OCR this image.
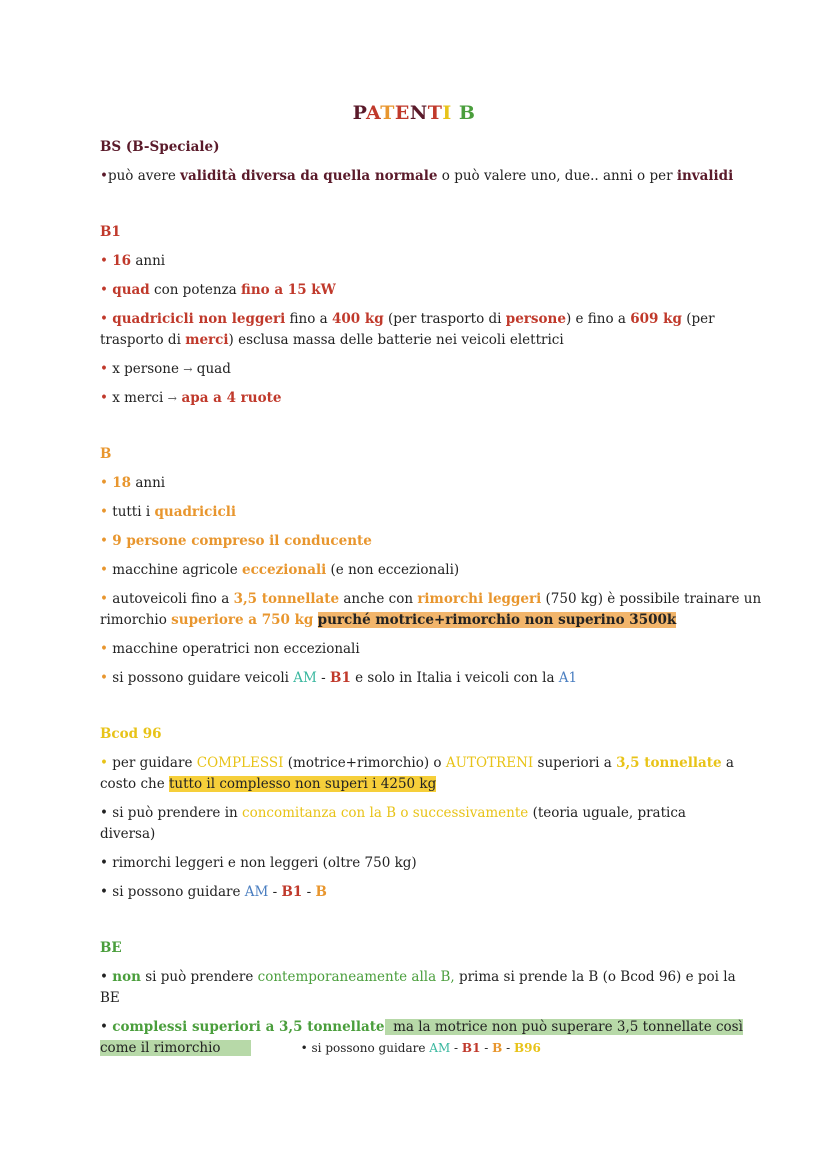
PATENTI B
BS (B-Speciale)
•può avere validità diversa da quella normale o può valere uno, due.. anni o per invalidi
B1
• 16 anni
• quad con potenza fino a 15 kW
• quadricicli non leggeri fino a 400 kg (per trasporto di persone) e fino a 609 kg (per
trasporto di merci) esclusa massa delle batterie nei veicoli elettrici
• x persone → quad
• x merci → apa a 4 ruote
B
• 18 anni
• tutti i quadricicli
• 9 persone compreso il conducente
• macchine agricole eccezionali (e non eccezionali)
• autoveicoli fino a 3,5 tonnellate anche con rimorchi leggeri (750 kg) è possibile trainare un
rimorchio superiore a 750 kg purché motrice+rimorchio non superino 3500k
• macchine operatrici non eccezionali
• si possono guidare veicoli AM - B1 e solo in Italia i veicoli con la A1
Bcod 96
• per guidare COMPLESSI (motrice+rimorchio) o AUTOTRENI superiori a 3,5 tonnellate a
costo che tutto il complesso non superi i 4250 kg
• si può prendere in concomitanza con la B o successivamente (teoria uguale, pratica
diversa)
• rimorchi leggeri e non leggeri (oltre 750 kg)
• si possono guidare AM - B1 - B
BE
• non si può prendere contemporaneamente alla B, prima si prende la B (o Bcod 96) e poi la
BE
• complessi superiori a 3,5 tonnellate  ma la motrice non può superare 3,5 tonnellate così
come il rimorchio	• si possono guidare AM - B1 - B - B96
